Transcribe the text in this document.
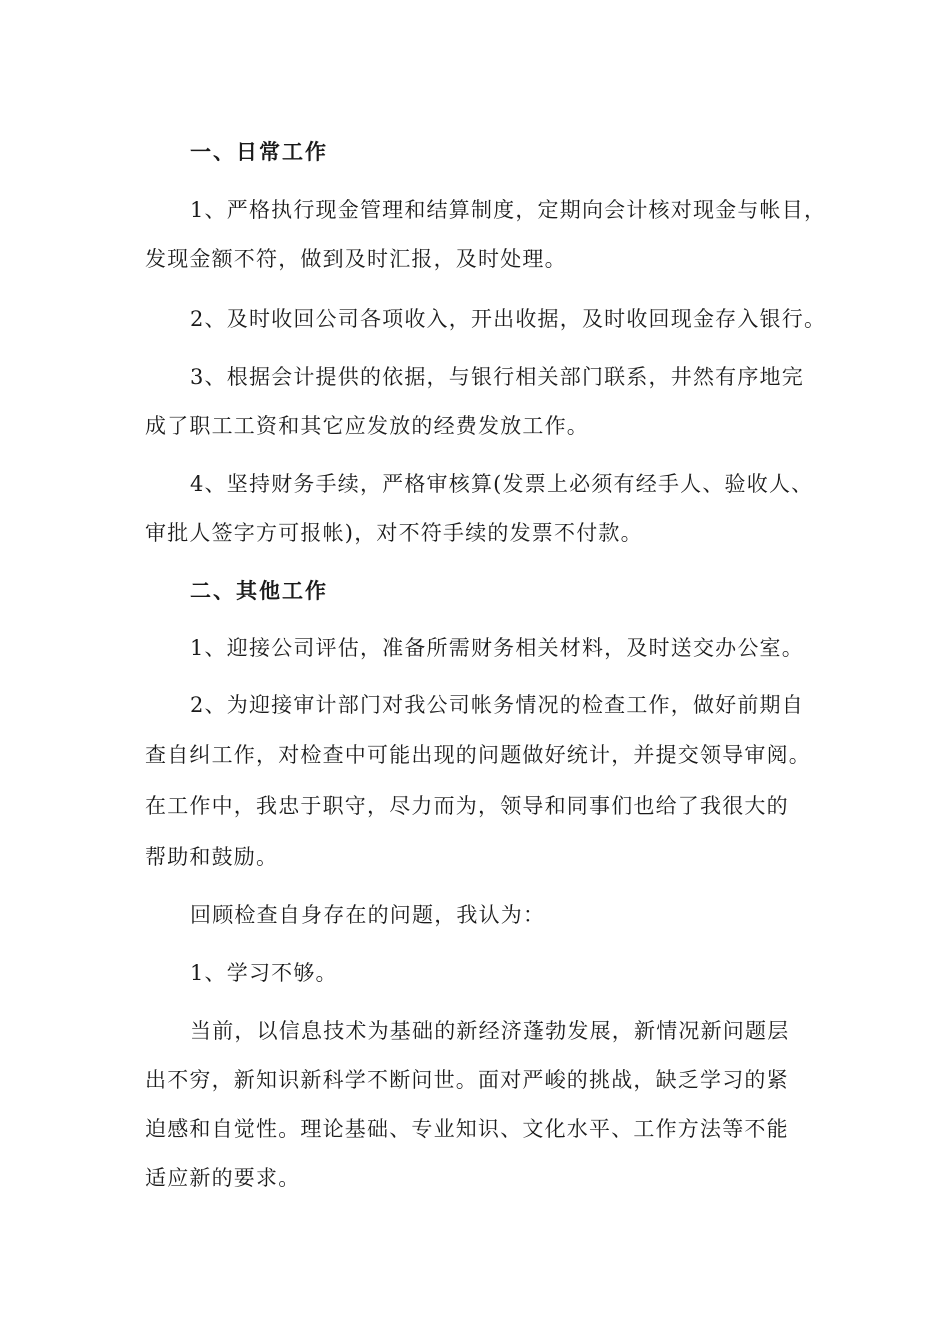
一、日常工作
1、严格执行现金管理和结算制度，定期向会计核对现金与帐目，
发现金额不符，做到及时汇报，及时处理。
2、及时收回公司各项收入，开出收据，及时收回现金存入银行。
3、根据会计提供的依据，与银行相关部门联系，井然有序地完
成了职工工资和其它应发放的经费发放工作。
4、坚持财务手续，严格审核算(发票上必须有经手人、验收人、
审批人签字方可报帐)，对不符手续的发票不付款。
二、其他工作
1、迎接公司评估，准备所需财务相关材料，及时送交办公室。
2、为迎接审计部门对我公司帐务情况的检查工作，做好前期自
查自纠工作，对检查中可能出现的问题做好统计，并提交领导审阅。
在工作中，我忠于职守，尽力而为，领导和同事们也给了我很大的
帮助和鼓励。
回顾检查自身存在的问题，我认为：
1、学习不够。
当前，以信息技术为基础的新经济蓬勃发展，新情况新问题层
出不穷，新知识新科学不断问世。面对严峻的挑战，缺乏学习的紧
迫感和自觉性。理论基础、专业知识、文化水平、工作方法等不能
适应新的要求。
